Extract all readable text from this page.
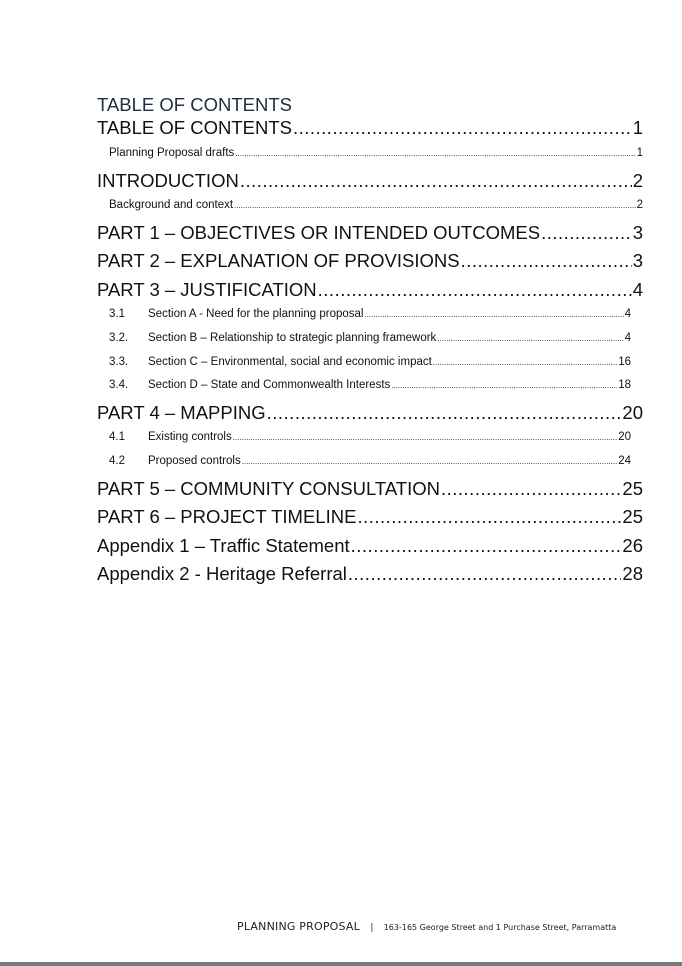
TABLE OF CONTENTS
TABLE OF CONTENTS .....	1
Planning Proposal drafts .....	1
INTRODUCTION .....	2
Background and context .....	2
PART 1 – OBJECTIVES OR INTENDED OUTCOMES .....	3
PART 2 – EXPLANATION OF PROVISIONS .....	3
PART 3 – JUSTIFICATION .....	4
3.1	Section A - Need for the planning proposal .....	4
3.2.	Section B – Relationship to strategic planning framework .....	4
3.3.	Section C – Environmental, social and economic impact .....	16
3.4.	Section D – State and Commonwealth Interests .....	18
PART 4 – MAPPING .....	20
4.1	Existing controls .....	20
4.2	Proposed controls .....	24
PART 5 – COMMUNITY CONSULTATION .....	25
PART 6 – PROJECT TIMELINE .....	25
Appendix 1 – Traffic Statement .....	26
Appendix 2 - Heritage Referral .....	28
PLANNING PROPOSAL | 163-165 George Street and 1 Purchase Street, Parramatta
